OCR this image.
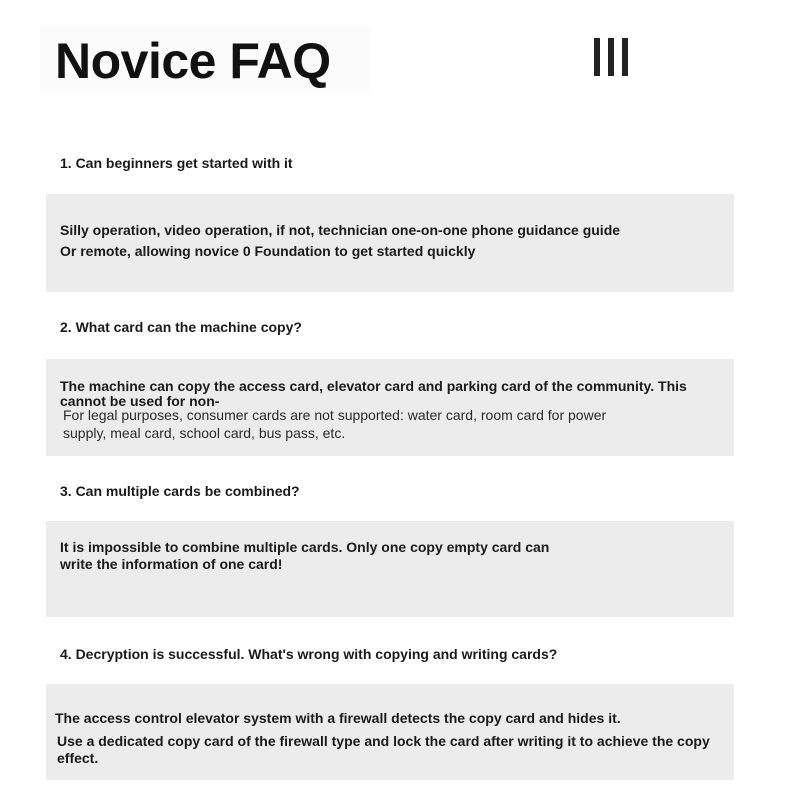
Novice FAQ
1. Can beginners get started with it
Silly operation, video operation, if not, technician one-on-one phone guidance guide
Or remote, allowing novice 0 Foundation to get started quickly
2. What card can the machine copy?
The machine can copy the access card, elevator card and parking card of the community. This
cannot be used for non-
For legal purposes, consumer cards are not supported: water card, room card for power
supply, meal card, school card, bus pass, etc.
3. Can multiple cards be combined?
It is impossible to combine multiple cards. Only one copy empty card can
write the information of one card!
4. Decryption is successful. What's wrong with copying and writing cards?
The access control elevator system with a firewall detects the copy card and hides it.
Use a dedicated copy card of the firewall type and lock the card after writing it to achieve the copy
effect.
